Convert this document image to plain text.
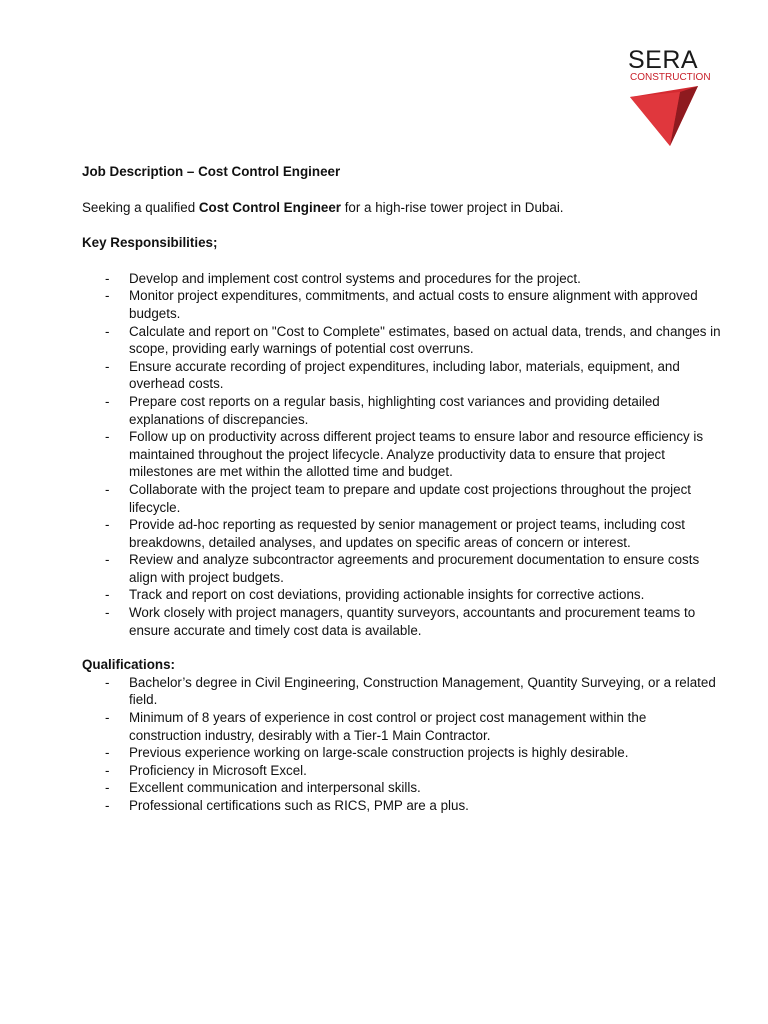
SERA
CONSTRUCTION

Job Description – Cost Control Engineer

Seeking a qualified Cost Control Engineer for a high-rise tower project in Dubai.

Key Responsibilities;

- Develop and implement cost control systems and procedures for the project.
- Monitor project expenditures, commitments, and actual costs to ensure alignment with approved budgets.
- Calculate and report on "Cost to Complete" estimates, based on actual data, trends, and changes in scope, providing early warnings of potential cost overruns.
- Ensure accurate recording of project expenditures, including labor, materials, equipment, and overhead costs.
- Prepare cost reports on a regular basis, highlighting cost variances and providing detailed explanations of discrepancies.
- Follow up on productivity across different project teams to ensure labor and resource efficiency is maintained throughout the project lifecycle. Analyze productivity data to ensure that project milestones are met within the allotted time and budget.
- Collaborate with the project team to prepare and update cost projections throughout the project lifecycle.
- Provide ad-hoc reporting as requested by senior management or project teams, including cost breakdowns, detailed analyses, and updates on specific areas of concern or interest.
- Review and analyze subcontractor agreements and procurement documentation to ensure costs align with project budgets.
- Track and report on cost deviations, providing actionable insights for corrective actions.
- Work closely with project managers, quantity surveyors, accountants and procurement teams to ensure accurate and timely cost data is available.

Qualifications:

- Bachelor’s degree in Civil Engineering, Construction Management, Quantity Surveying, or a related field.
- Minimum of 8 years of experience in cost control or project cost management within the construction industry, desirably with a Tier-1 Main Contractor.
- Previous experience working on large-scale construction projects is highly desirable.
- Proficiency in Microsoft Excel.
- Excellent communication and interpersonal skills.
- Professional certifications such as RICS, PMP are a plus.
